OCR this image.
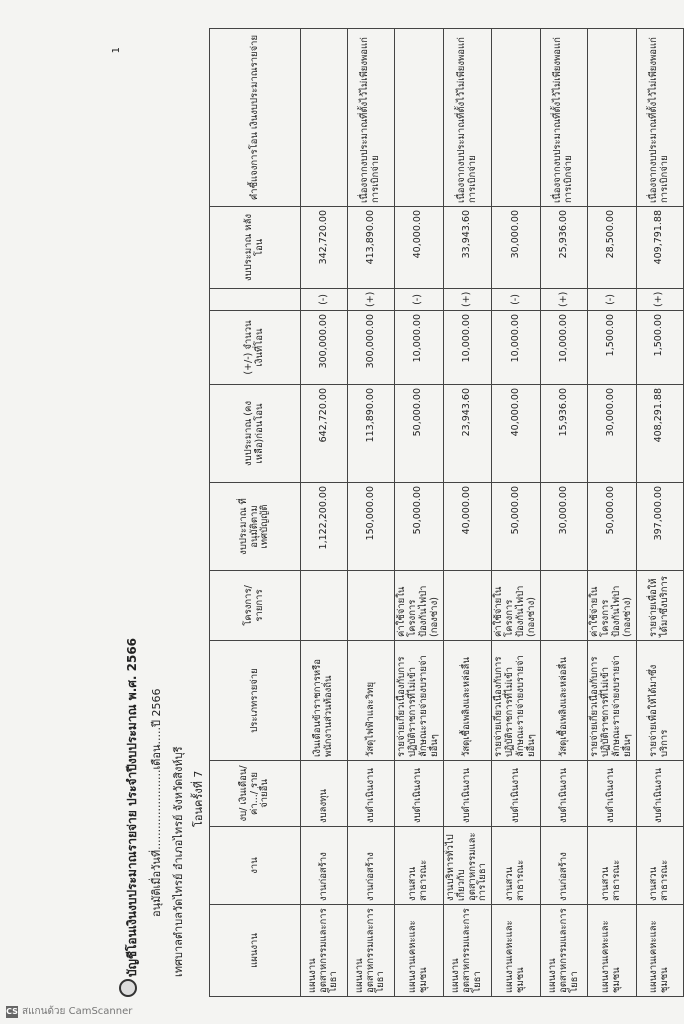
บัญชีโอนเงินงบประมาณรายจ่าย ประจำปีงบประมาณ พ.ศ. 2566 อนุมัติเมื่อวันที่.......................เดือน.....ปี 2566 เทศบาลตำบลวัดไทรย์ อำเภอไทรย์ จังหวัดสิงห์บุรี โอนครั้งที่ 7
1
แผนงาน	งาน	งบ/ เงินเดือน/ ค่า.../ รายจ่ายอื่น	ประเภทรายจ่าย	โครงการ/ รายการ	งบประมาณ ที่อนุมัติตาม เทศบัญญัติ	งบประมาณ (คงเหลือ)ก่อนโอน	(+/-) จำนวน เงินที่โอน		งบประมาณ หลังโอน	คำชี้แจงการโอน เงินงบประมาณรายจ่าย
แผนงานอุตสาหกรรมและการโยธา	งานก่อสร้าง	งบลงทุน	เงินเดือนข้าราชการหรือพนักงานส่วนท้องถิ่น		1,122,200.00	642,720.00	300,000.00	(-)	342,720.00	
แผนงานอุตสาหกรรมและการโยธา	งานก่อสร้าง	งบดำเนินงาน	วัสดุไฟฟ้าและวิทยุ		150,000.00	113,890.00	300,000.00	(+)	413,890.00	เนื่องจากงบประมาณที่ตั้งไว้ไม่เพียงพอแก่การเบิกจ่าย
แผนงานเคหะและชุมชน	งานสวนสาธารณะ	งบดำเนินงาน	รายจ่ายเกี่ยวเนื่องกับการปฏิบัติราชการที่ไม่เข้าลักษณะรายจ่ายงบรายจ่ายอื่นๆ	ค่าใช้จ่ายในโครงการป้องกันไฟป่า (กองช่าง)	50,000.00	50,000.00	10,000.00	(-)	40,000.00	
แผนงานอุตสาหกรรมและการโยธา	งานบริหารทั่วไปเกี่ยวกับอุตสาหกรรมและการโยธา	งบดำเนินงาน	วัสดุเชื้อเพลิงและหล่อลื่น		40,000.00	23,943.60	10,000.00	(+)	33,943.60	เนื่องจากงบประมาณที่ตั้งไว้ไม่เพียงพอแก่การเบิกจ่าย
แผนงานเคหะและชุมชน	งานสวนสาธารณะ	งบดำเนินงาน	รายจ่ายเกี่ยวเนื่องกับการปฏิบัติราชการที่ไม่เข้าลักษณะรายจ่ายงบรายจ่ายอื่นๆ	ค่าใช้จ่ายในโครงการป้องกันไฟป่า (กองช่าง)	50,000.00	40,000.00	10,000.00	(-)	30,000.00	
แผนงานอุตสาหกรรมและการโยธา	งานก่อสร้าง	งบดำเนินงาน	วัสดุเชื้อเพลิงและหล่อลื่น		30,000.00	15,936.00	10,000.00	(+)	25,936.00	เนื่องจากงบประมาณที่ตั้งไว้ไม่เพียงพอแก่การเบิกจ่าย
แผนงานเคหะและชุมชน	งานสวนสาธารณะ	งบดำเนินงาน	รายจ่ายเกี่ยวเนื่องกับการปฏิบัติราชการที่ไม่เข้าลักษณะรายจ่ายงบรายจ่ายอื่นๆ	ค่าใช้จ่ายในโครงการป้องกันไฟป่า (กองช่าง)	50,000.00	30,000.00	1,500.00	(-)	28,500.00	
แผนงานเคหะและชุมชน	งานสวนสาธารณะ	งบดำเนินงาน	รายจ่ายเพื่อให้ได้มาซึ่งบริการ	รายจ่ายเพื่อให้ได้มาซึ่งบริการ	397,000.00	408,291.88	1,500.00	(+)	409,791.88	เนื่องจากงบประมาณที่ตั้งไว้ไม่เพียงพอแก่การเบิกจ่าย
CS สแกนด้วย CamScanner
